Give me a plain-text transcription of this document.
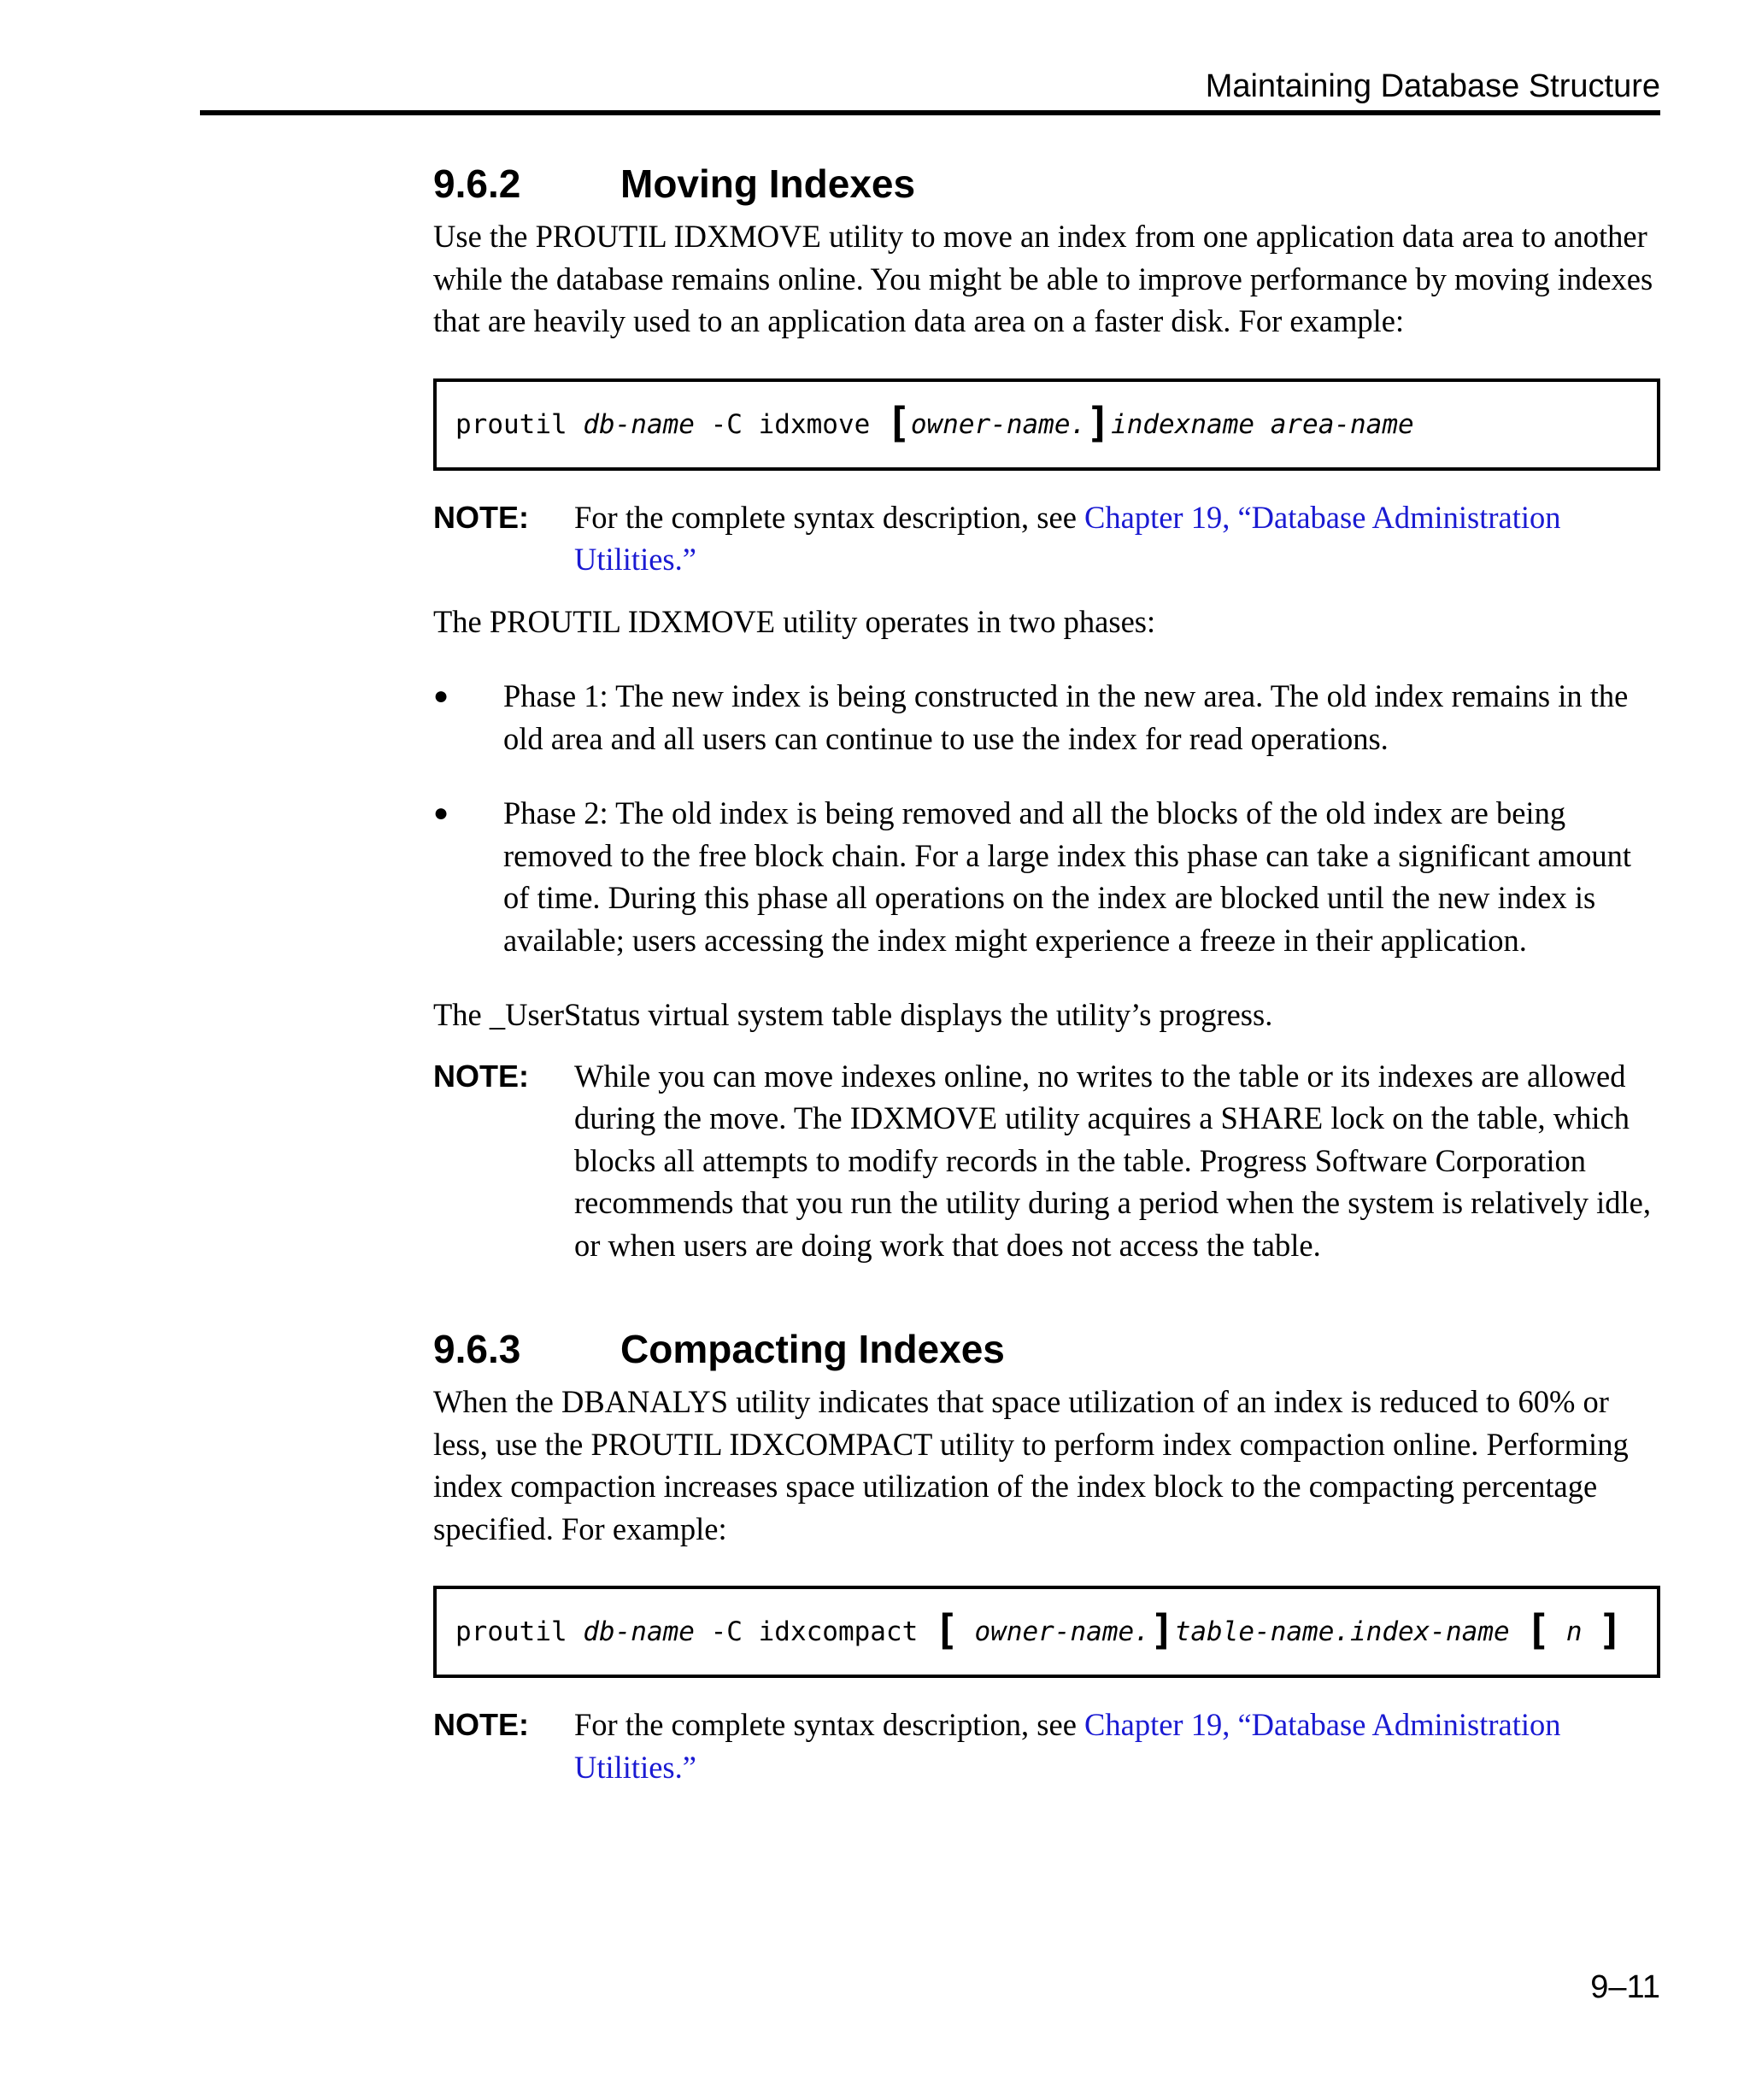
Maintaining Database Structure
9.6.2	Moving Indexes

Use the PROUTIL IDXMOVE utility to move an index from one application data area to another while the database remains online. You might be able to improve performance by moving indexes that are heavily used to an application data area on a faster disk. For example:

proutil db-name -C idxmove [ owner-name. ] indexname area-name
NOTE:	For the complete syntax description, see Chapter 19, “Database Administration Utilities.”

The PROUTIL IDXMOVE utility operates in two phases:

●	Phase 1: The new index is being constructed in the new area. The old index remains in the old area and all users can continue to use the index for read operations.
●	Phase 2: The old index is being removed and all the blocks of the old index are being removed to the free block chain. For a large index this phase can take a significant amount of time. During this phase all operations on the index are blocked until the new index is available; users accessing the index might experience a freeze in their application.

The _UserStatus virtual system table displays the utility’s progress.

NOTE:	While you can move indexes online, no writes to the table or its indexes are allowed during the move. The IDXMOVE utility acquires a SHARE lock on the table, which blocks all attempts to modify records in the table. Progress Software Corporation recommends that you run the utility during a period when the system is relatively idle, or when users are doing work that does not access the table.
9.6.3	Compacting Indexes

When the DBANALYS utility indicates that space utilization of an index is reduced to 60% or less, use the PROUTIL IDXCOMPACT utility to perform index compaction online. Performing index compaction increases space utilization of the index block to the compacting percentage specified. For example:

proutil db-name -C idxcompact [ owner-name. ] table-name.index-name [ n ]
NOTE:	For the complete syntax description, see Chapter 19, “Database Administration Utilities.”
9–11
